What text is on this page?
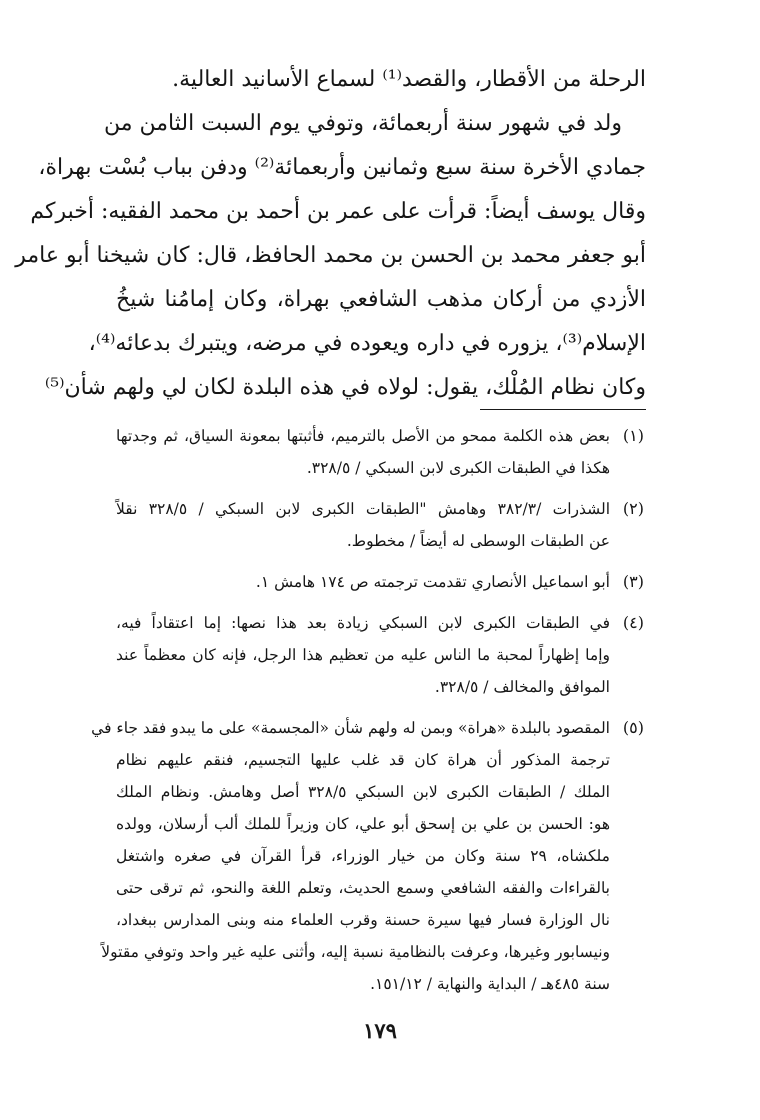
الرحلة من الأقطار، والقصد⁽¹⁾ لسماع الأسانيد العالية.
ولد في شهور سنة أربعمائة، وتوفي يوم السبت الثامن من
جمادي الأخرة سنة سبع وثمانين وأربعمائة⁽²⁾ ودفن بباب بُسْت بهراة،
وقال يوسف أيضاً: قرأت على عمر بن أحمد بن محمد الفقيه: أخبركم
أبو جعفر محمد بن الحسن بن محمد الحافظ، قال: كان شيخنا أبو عامر
الأزدي من أركان مذهب الشافعي بهراة، وكان إمامُنا شيخُ
الإسلام⁽³⁾، يزوره في داره ويعوده في مرضه، ويتبرك بدعائه⁽⁴⁾،
وكان نظام المُلْك، يقول: لولاه في هذه البلدة لكان لي ولهم شأن⁽⁵⁾
(١)
بعض هذه الكلمة ممحو من الأصل بالترميم، فأثبتها بمعونة السياق، ثم وجدتها
هكذا في الطبقات الكبرى لابن السبكي / ٣٢٨/٥.
(٢)
الشذرات /٣٨٢/٣ وهامش "الطبقات الكبرى لابن السبكي / ٣٢٨/٥ نقلاً
عن الطبقات الوسطى له أيضاً / مخطوط.
(٣)
أبو اسماعيل الأنصاري تقدمت ترجمته ص ١٧٤ هامش ١.
(٤)
في الطبقات الكبرى لابن السبكي زيادة بعد هذا نصها: إما اعتقاداً فيه،
وإما إظهاراً لمحبة ما الناس عليه من تعظيم هذا الرجل، فإنه كان معظماً عند
الموافق والمخالف / ٣٢٨/٥.
(٥)
المقصود بالبلدة «هراة» وبمن له ولهم شأن «المجسمة» على ما يبدو فقد جاء في
ترجمة المذكور أن هراة كان قد غلب عليها التجسيم، فنقم عليهم نظام
الملك / الطبقات الكبرى لابن السبكي ٣٢٨/٥ أصل وهامش. ونظام الملك
هو: الحسن بن علي بن إسحق أبو علي، كان وزيراً للملك ألب أرسلان، وولده
ملكشاه، ٢٩ سنة وكان من خيار الوزراء، قرأ القرآن في صغره واشتغل
بالقراءات والفقه الشافعي وسمع الحديث، وتعلم اللغة والنحو، ثم ترقى حتى
نال الوزارة فسار فيها سيرة حسنة وقرب العلماء منه وبنى المدارس ببغداد،
ونيسابور وغيرها، وعرفت بالنظامية نسبة إليه، وأثنى عليه غير واحد وتوفي مقتولاً
سنة ٤٨٥هـ / البداية والنهاية / ١٥١/١٢.
١٧٩
